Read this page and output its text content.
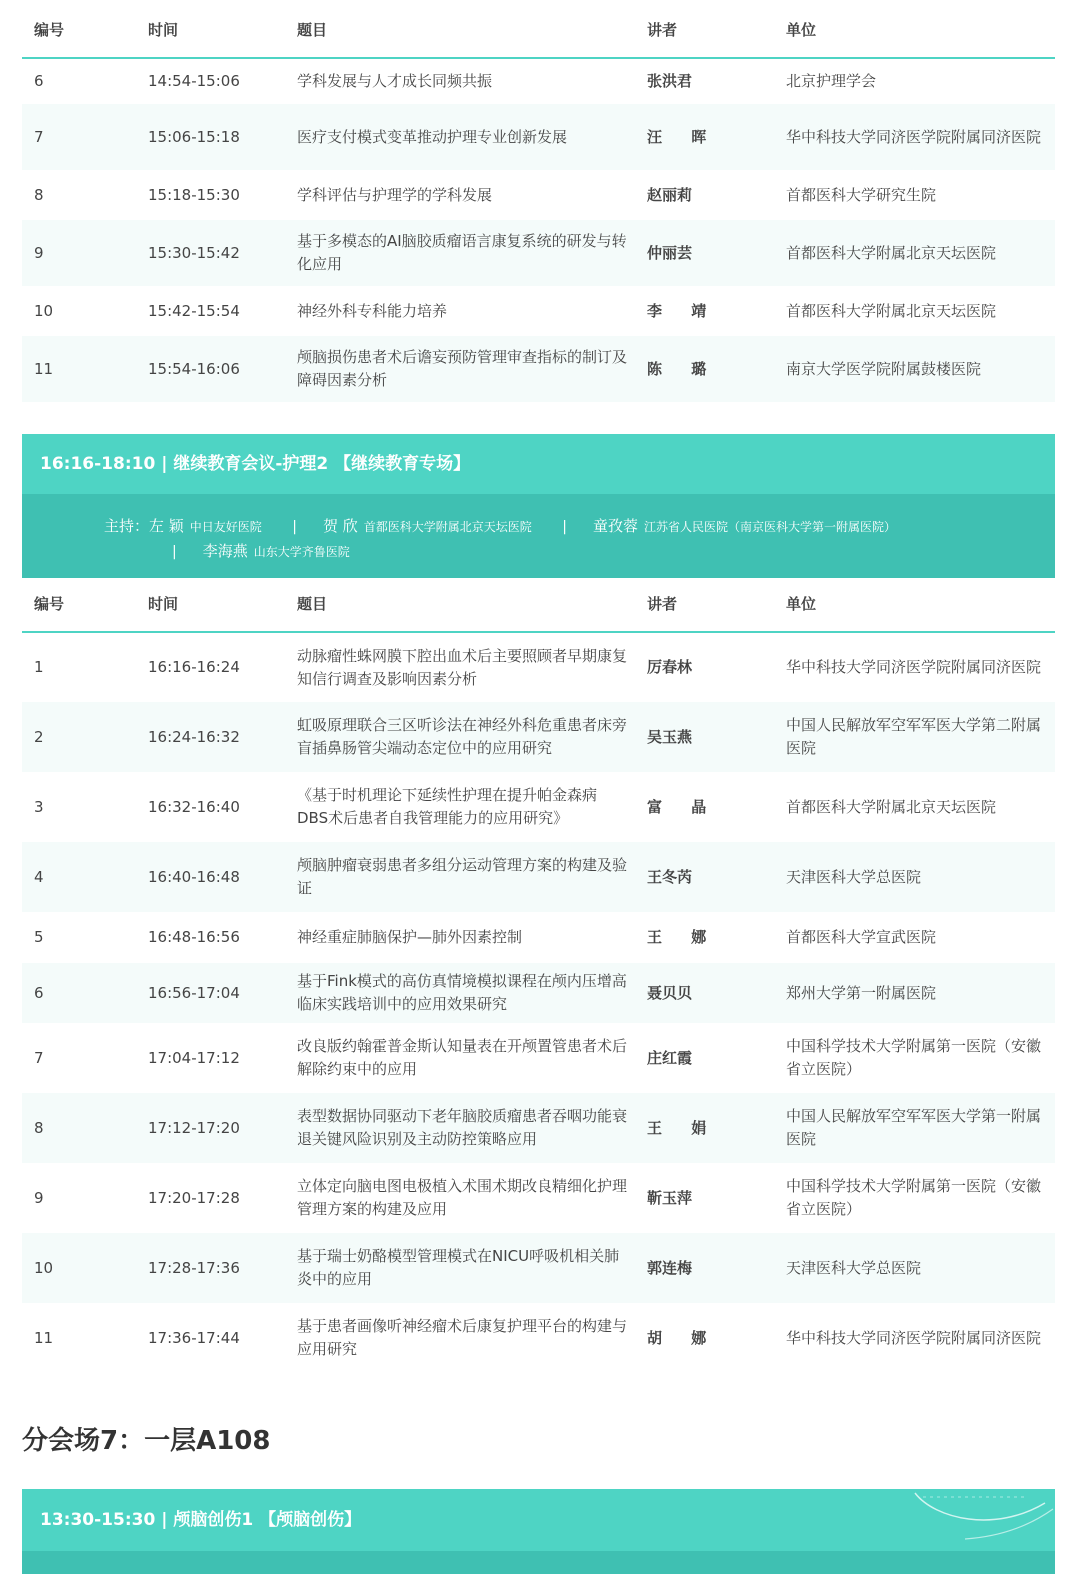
编号	时间	题目	讲者	单位
6	14:54-15:06	学科发展与人才成长同频共振	张洪君	北京护理学会
7	15:06-15:18	医疗支付模式变革推动护理专业创新发展	汪 晖	华中科技大学同济医学院附属同济医院
8	15:18-15:30	学科评估与护理学的学科发展	赵丽莉	首都医科大学研究生院
9	15:30-15:42	基于多模态的AI脑胶质瘤语言康复系统的研发与转化应用	仲丽芸	首都医科大学附属北京天坛医院
10	15:42-15:54	神经外科专科能力培养	李 靖	首都医科大学附属北京天坛医院
11	15:54-16:06	颅脑损伤患者术后谵妄预防管理审查指标的制订及障碍因素分析	陈 璐	南京大学医学院附属鼓楼医院
16:16-18:10 | 继续教育会议-护理2 【继续教育专场】
主持：左 颖 中日友好医院 | 贺 欣 首都医科大学附属北京天坛医院 | 童孜蓉 江苏省人民医院（南京医科大学第一附属医院）
| 李海燕 山东大学齐鲁医院
编号	时间	题目	讲者	单位
1	16:16-16:24	动脉瘤性蛛网膜下腔出血术后主要照顾者早期康复知信行调查及影响因素分析	厉春林	华中科技大学同济医学院附属同济医院
2	16:24-16:32	虹吸原理联合三区听诊法在神经外科危重患者床旁盲插鼻肠管尖端动态定位中的应用研究	吴玉燕	中国人民解放军空军军医大学第二附属医院
3	16:32-16:40	《基于时机理论下延续性护理在提升帕金森病DBS术后患者自我管理能力的应用研究》	富 晶	首都医科大学附属北京天坛医院
4	16:40-16:48	颅脑肿瘤衰弱患者多组分运动管理方案的构建及验证	王冬芮	天津医科大学总医院
5	16:48-16:56	神经重症肺脑保护—肺外因素控制	王 娜	首都医科大学宣武医院
6	16:56-17:04	基于Fink模式的高仿真情境模拟课程在颅内压增高临床实践培训中的应用效果研究	聂贝贝	郑州大学第一附属医院
7	17:04-17:12	改良版约翰霍普金斯认知量表在开颅置管患者术后解除约束中的应用	庄红霞	中国科学技术大学附属第一医院（安徽省立医院）
8	17:12-17:20	表型数据协同驱动下老年脑胶质瘤患者吞咽功能衰退关键风险识别及主动防控策略应用	王 娟	中国人民解放军空军军医大学第一附属医院
9	17:20-17:28	立体定向脑电图电极植入术围术期改良精细化护理管理方案的构建及应用	靳玉萍	中国科学技术大学附属第一医院（安徽省立医院）
10	17:28-17:36	基于瑞士奶酪模型管理模式在NICU呼吸机相关肺炎中的应用	郭连梅	天津医科大学总医院
11	17:36-17:44	基于患者画像听神经瘤术后康复护理平台的构建与应用研究	胡 娜	华中科技大学同济医学院附属同济医院
分会场7：一层A108
13:30-15:30 | 颅脑创伤1 【颅脑创伤】
